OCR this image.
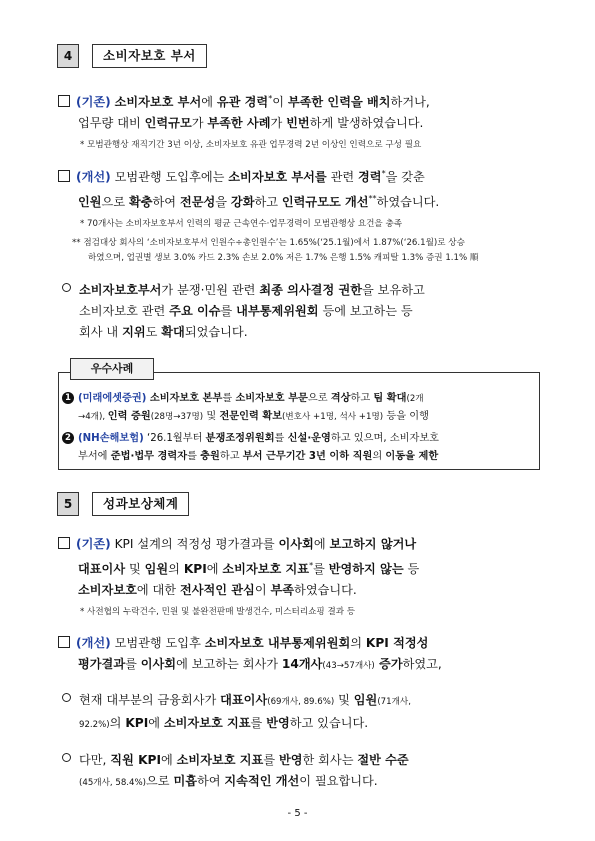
4	소비자보호 부서
(기존) 소비자보호 부서에 유관 경력*이 부족한 인력을 배치하거나,
업무량 대비 인력규모가 부족한 사례가 빈번하게 발생하였습니다.
* 모범관행상 재직기간 3년 이상, 소비자보호 유관 업무경력 2년 이상인 인력으로 구성 필요
(개선) 모범관행 도입후에는 소비자보호 부서를 관련 경력*을 갖춘
인원으로 확충하여 전문성을 강화하고 인력규모도 개선**하였습니다.
* 70개사는 소비자보호부서 인력의 평균 근속연수·업무경력이 모범관행상 요건을 충족
** 점검대상 회사의 ‘소비자보호부서 인원수÷총인원수’는 1.65%(‘25.1월)에서 1.87%(‘26.1월)로 상승
하였으며, 업권별 생보 3.0% 카드 2.3% 손보 2.0% 저은 1.7% 은행 1.5% 캐피탈 1.3% 증권 1.1% 順
소비자보호부서가 분쟁·민원 관련 최종 의사결정 권한을 보유하고
소비자보호 관련 주요 이슈를 내부통제위원회 등에 보고하는 등
회사 내 지위도 확대되었습니다.
우수사례
1 (미래에셋증권) 소비자보호 본부를 소비자보호 부문으로 격상하고 팀 확대(2개
→4개), 인력 증원(28명→37명) 및 전문인력 확보(변호사 +1명, 석사 +1명) 등을 이행
2 (NH손해보험) ‘26.1월부터 분쟁조정위원회를 신설·운영하고 있으며, 소비자보호
부서에 준법·법무 경력자를 충원하고 부서 근무기간 3년 이하 직원의 이동을 제한
5	성과보상체계
(기존) KPI 설계의 적정성 평가결과를 이사회에 보고하지 않거나
대표이사 및 임원의 KPI에 소비자보호 지표*를 반영하지 않는 등
소비자보호에 대한 전사적인 관심이 부족하였습니다.
* 사전협의 누락건수, 민원 및 불완전판매 발생건수, 미스터리쇼핑 결과 등
(개선) 모범관행 도입후 소비자보호 내부통제위원회의 KPI 적정성
평가결과를 이사회에 보고하는 회사가 14개사(43→57개사) 증가하였고,
현재 대부분의 금융회사가 대표이사(69개사, 89.6%) 및 임원(71개사,
92.2%)의 KPI에 소비자보호 지표를 반영하고 있습니다.
다만, 직원 KPI에 소비자보호 지표를 반영한 회사는 절반 수준
(45개사, 58.4%)으로 미흡하여 지속적인 개선이 필요합니다.
- 5 -
